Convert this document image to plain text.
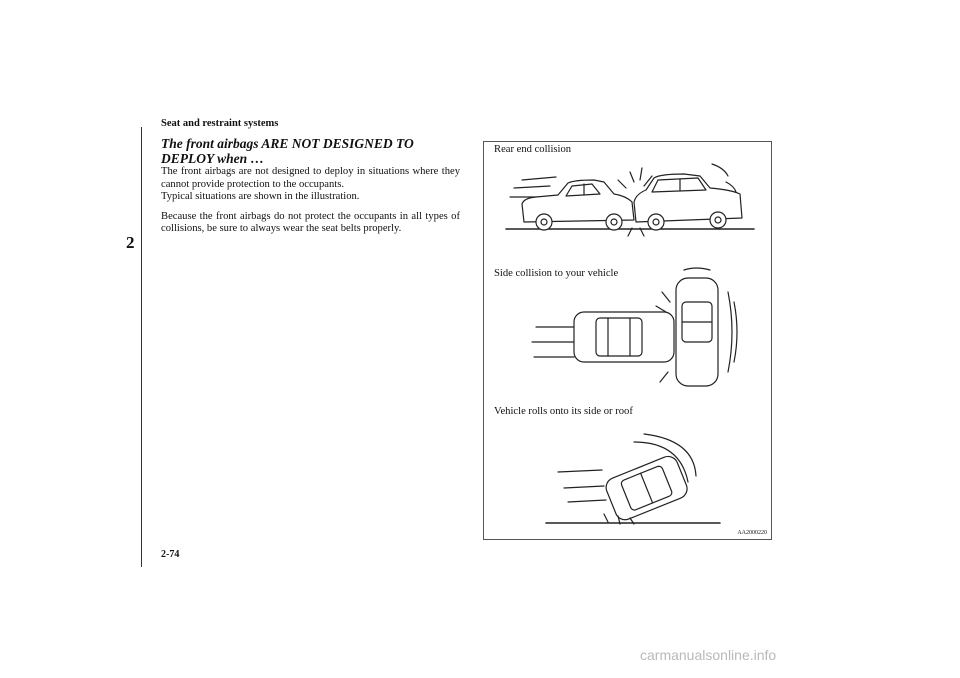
Seat and restraint systems
2
The front airbags ARE NOT DESIGNED TO DEPLOY when …

The front airbags are not designed to deploy in situations where they cannot provide protection to the occupants.

Typical situations are shown in the illustration.

Because the front airbags do not protect the occupants in all types of collisions, be sure to always wear the seat belts properly.

Rear end collision
Side collision to your vehicle
Vehicle rolls onto its side or roof
AA2000220
2-74
carmanualsonline.info
